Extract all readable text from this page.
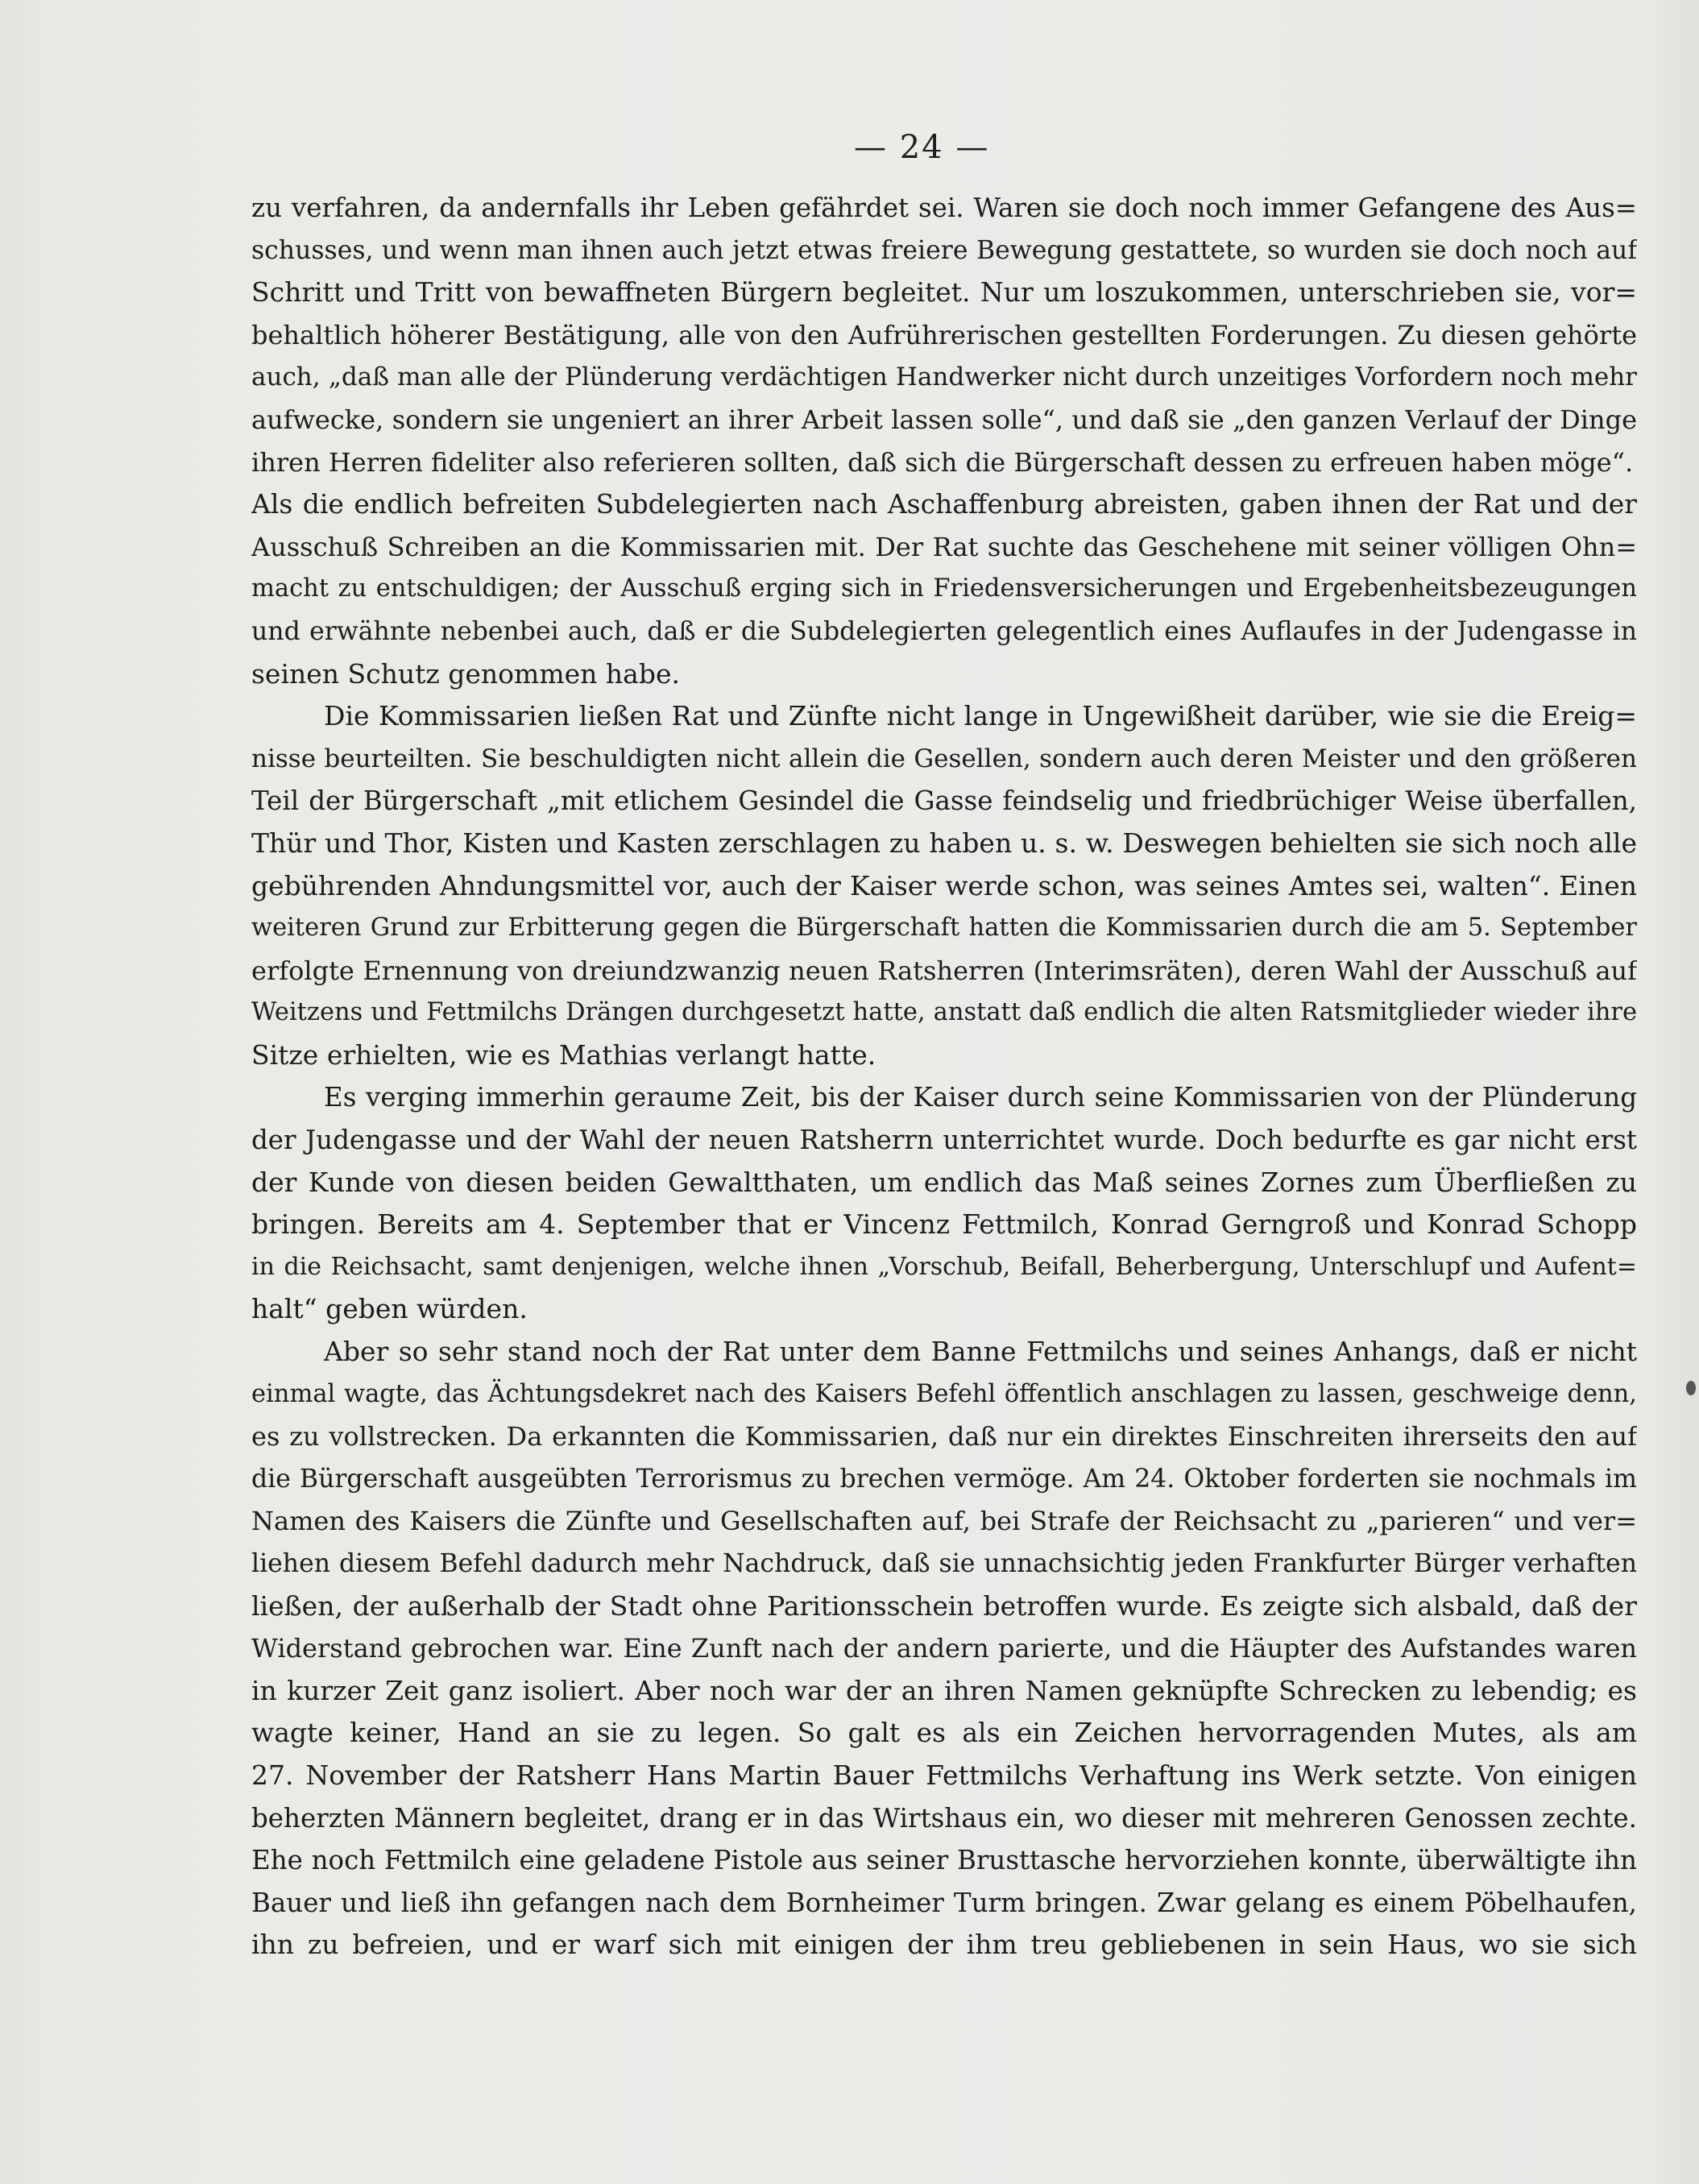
— 24 —
zu verfahren, da andernfalls ihr Leben gefährdet sei. Waren sie doch noch immer Gefangene des Aus=
schusses, und wenn man ihnen auch jetzt etwas freiere Bewegung gestattete, so wurden sie doch noch auf
Schritt und Tritt von bewaffneten Bürgern begleitet. Nur um loszukommen, unterschrieben sie, vor=
behaltlich höherer Bestätigung, alle von den Aufrührerischen gestellten Forderungen. Zu diesen gehörte
auch, „daß man alle der Plünderung verdächtigen Handwerker nicht durch unzeitiges Vorfordern noch mehr
aufwecke, sondern sie ungeniert an ihrer Arbeit lassen solle“, und daß sie „den ganzen Verlauf der Dinge
ihren Herren fideliter also referieren sollten, daß sich die Bürgerschaft dessen zu erfreuen haben möge“.
Als die endlich befreiten Subdelegierten nach Aschaffenburg abreisten, gaben ihnen der Rat und der
Ausschuß Schreiben an die Kommissarien mit. Der Rat suchte das Geschehene mit seiner völligen Ohn=
macht zu entschuldigen; der Ausschuß erging sich in Friedensversicherungen und Ergebenheitsbezeugungen
und erwähnte nebenbei auch, daß er die Subdelegierten gelegentlich eines Auflaufes in der Judengasse in
seinen Schutz genommen habe.
Die Kommissarien ließen Rat und Zünfte nicht lange in Ungewißheit darüber, wie sie die Ereig=
nisse beurteilten. Sie beschuldigten nicht allein die Gesellen, sondern auch deren Meister und den größeren
Teil der Bürgerschaft „mit etlichem Gesindel die Gasse feindselig und friedbrüchiger Weise überfallen,
Thür und Thor, Kisten und Kasten zerschlagen zu haben u. s. w. Deswegen behielten sie sich noch alle
gebührenden Ahndungsmittel vor, auch der Kaiser werde schon, was seines Amtes sei, walten“. Einen
weiteren Grund zur Erbitterung gegen die Bürgerschaft hatten die Kommissarien durch die am 5. September
erfolgte Ernennung von dreiundzwanzig neuen Ratsherren (Interimsräten), deren Wahl der Ausschuß auf
Weitzens und Fettmilchs Drängen durchgesetzt hatte, anstatt daß endlich die alten Ratsmitglieder wieder ihre
Sitze erhielten, wie es Mathias verlangt hatte.
Es verging immerhin geraume Zeit, bis der Kaiser durch seine Kommissarien von der Plünderung
der Judengasse und der Wahl der neuen Ratsherrn unterrichtet wurde. Doch bedurfte es gar nicht erst
der Kunde von diesen beiden Gewaltthaten, um endlich das Maß seines Zornes zum Überfließen zu
bringen. Bereits am 4. September that er Vincenz Fettmilch, Konrad Gerngroß und Konrad Schopp
in die Reichsacht, samt denjenigen, welche ihnen „Vorschub, Beifall, Beherbergung, Unterschlupf und Aufent=
halt“ geben würden.
Aber so sehr stand noch der Rat unter dem Banne Fettmilchs und seines Anhangs, daß er nicht
einmal wagte, das Ächtungsdekret nach des Kaisers Befehl öffentlich anschlagen zu lassen, geschweige denn,
es zu vollstrecken. Da erkannten die Kommissarien, daß nur ein direktes Einschreiten ihrerseits den auf
die Bürgerschaft ausgeübten Terrorismus zu brechen vermöge. Am 24. Oktober forderten sie nochmals im
Namen des Kaisers die Zünfte und Gesellschaften auf, bei Strafe der Reichsacht zu „parieren“ und ver=
liehen diesem Befehl dadurch mehr Nachdruck, daß sie unnachsichtig jeden Frankfurter Bürger verhaften
ließen, der außerhalb der Stadt ohne Paritionsschein betroffen wurde. Es zeigte sich alsbald, daß der
Widerstand gebrochen war. Eine Zunft nach der andern parierte, und die Häupter des Aufstandes waren
in kurzer Zeit ganz isoliert. Aber noch war der an ihren Namen geknüpfte Schrecken zu lebendig; es
wagte keiner, Hand an sie zu legen. So galt es als ein Zeichen hervorragenden Mutes, als am
27. November der Ratsherr Hans Martin Bauer Fettmilchs Verhaftung ins Werk setzte. Von einigen
beherzten Männern begleitet, drang er in das Wirtshaus ein, wo dieser mit mehreren Genossen zechte.
Ehe noch Fettmilch eine geladene Pistole aus seiner Brusttasche hervorziehen konnte, überwältigte ihn
Bauer und ließ ihn gefangen nach dem Bornheimer Turm bringen. Zwar gelang es einem Pöbelhaufen,
ihn zu befreien, und er warf sich mit einigen der ihm treu gebliebenen in sein Haus, wo sie sich
